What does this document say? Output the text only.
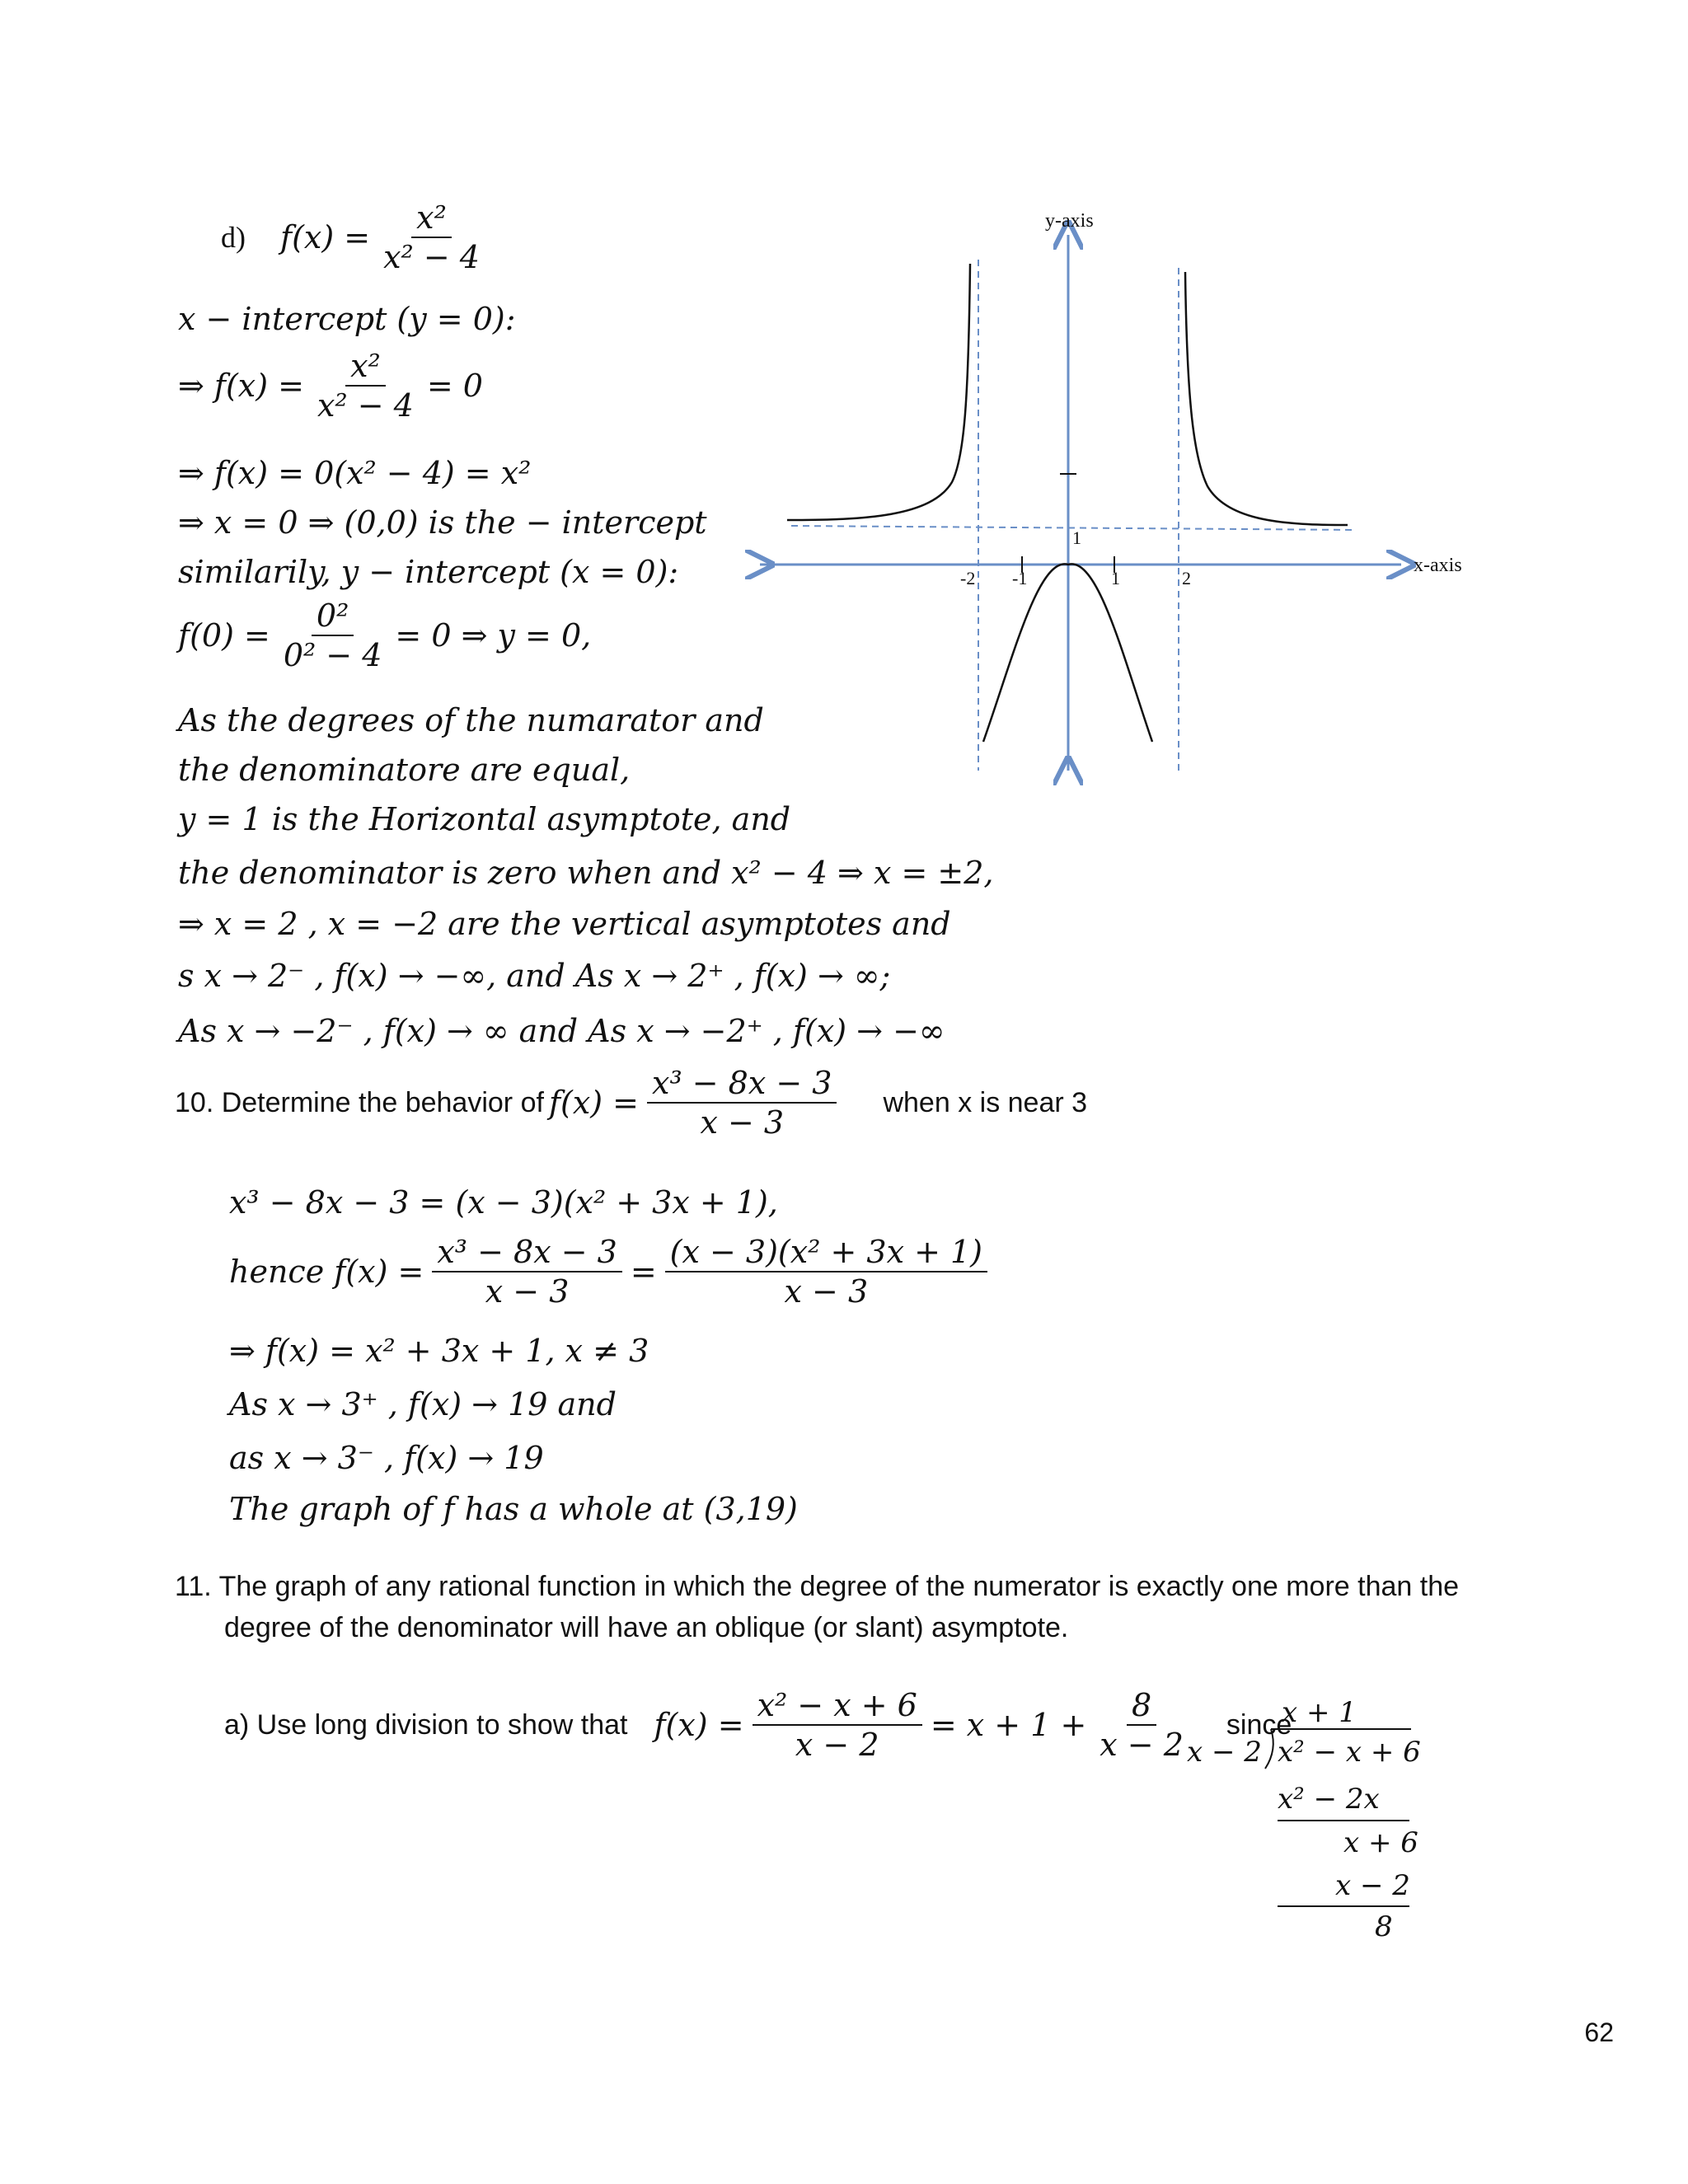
d) $f(x) = \frac{\text{x²}}{\text{x² − 4}}$
x − intercept (y = 0):
⇒ $f(x) = \frac{\text{x²}}{\text{x² − 4}} = 0$
⇒ f(x) = 0(x² − 4) = x²
⇒ x = 0 ⇒ (0,0) is the − intercept
similarily, y − intercept (x = 0):
$f(0) = \frac{\text{0²}}{\text{0² − 4}} = 0$ ⇒ y = 0,
As the degrees of the numarator and
the denominatore are equal,
y = 1 is the Horizontal asymptote, and
the denominator is zero when and x² − 4 ⇒ x = ±2,
⇒ x = 2 , x = −2 are the vertical asymptotes and
s x → 2⁻ , f(x) → −∞, and As x → 2⁺ , f(x) → ∞;
As x → −2⁻ , f(x) → ∞ and As x → −2⁺ , f(x) → −∞
y-axis
x-axis
-2 -1	1	2
1
10. Determine the behavior of $f(x) = \frac{\text{x³ − 8x − 3}}{x - 3}$ when x is near 3
x³ − 8x − 3 = (x − 3)(x² + 3x + 1),
hence $f(x) = \frac{\text{x³ − 8x − 3}}{x - 3} = \frac{\text{(x − 3)(x² + 3x + 1)}}{x - 3}$
⇒ f(x) = x² + 3x + 1, x ≠ 3
As x → 3⁺ , f(x) → 19 and
as x → 3⁻ , f(x) → 19
The graph of f has a whole at (3,19)
11. The graph of any rational function in which the degree of the numerator is exactly one more than the
degree of the denominator will have an oblique (or slant) asymptote.
a) Use long division to show that $f(x) = \frac{\text{x² − x + 6}}{x - 2} = x + 1 + \frac{8}{x - 2}$ since
x + 1
x − 2 x² − x + 6
x² − 2x
x + 6
x − 2
8
62
